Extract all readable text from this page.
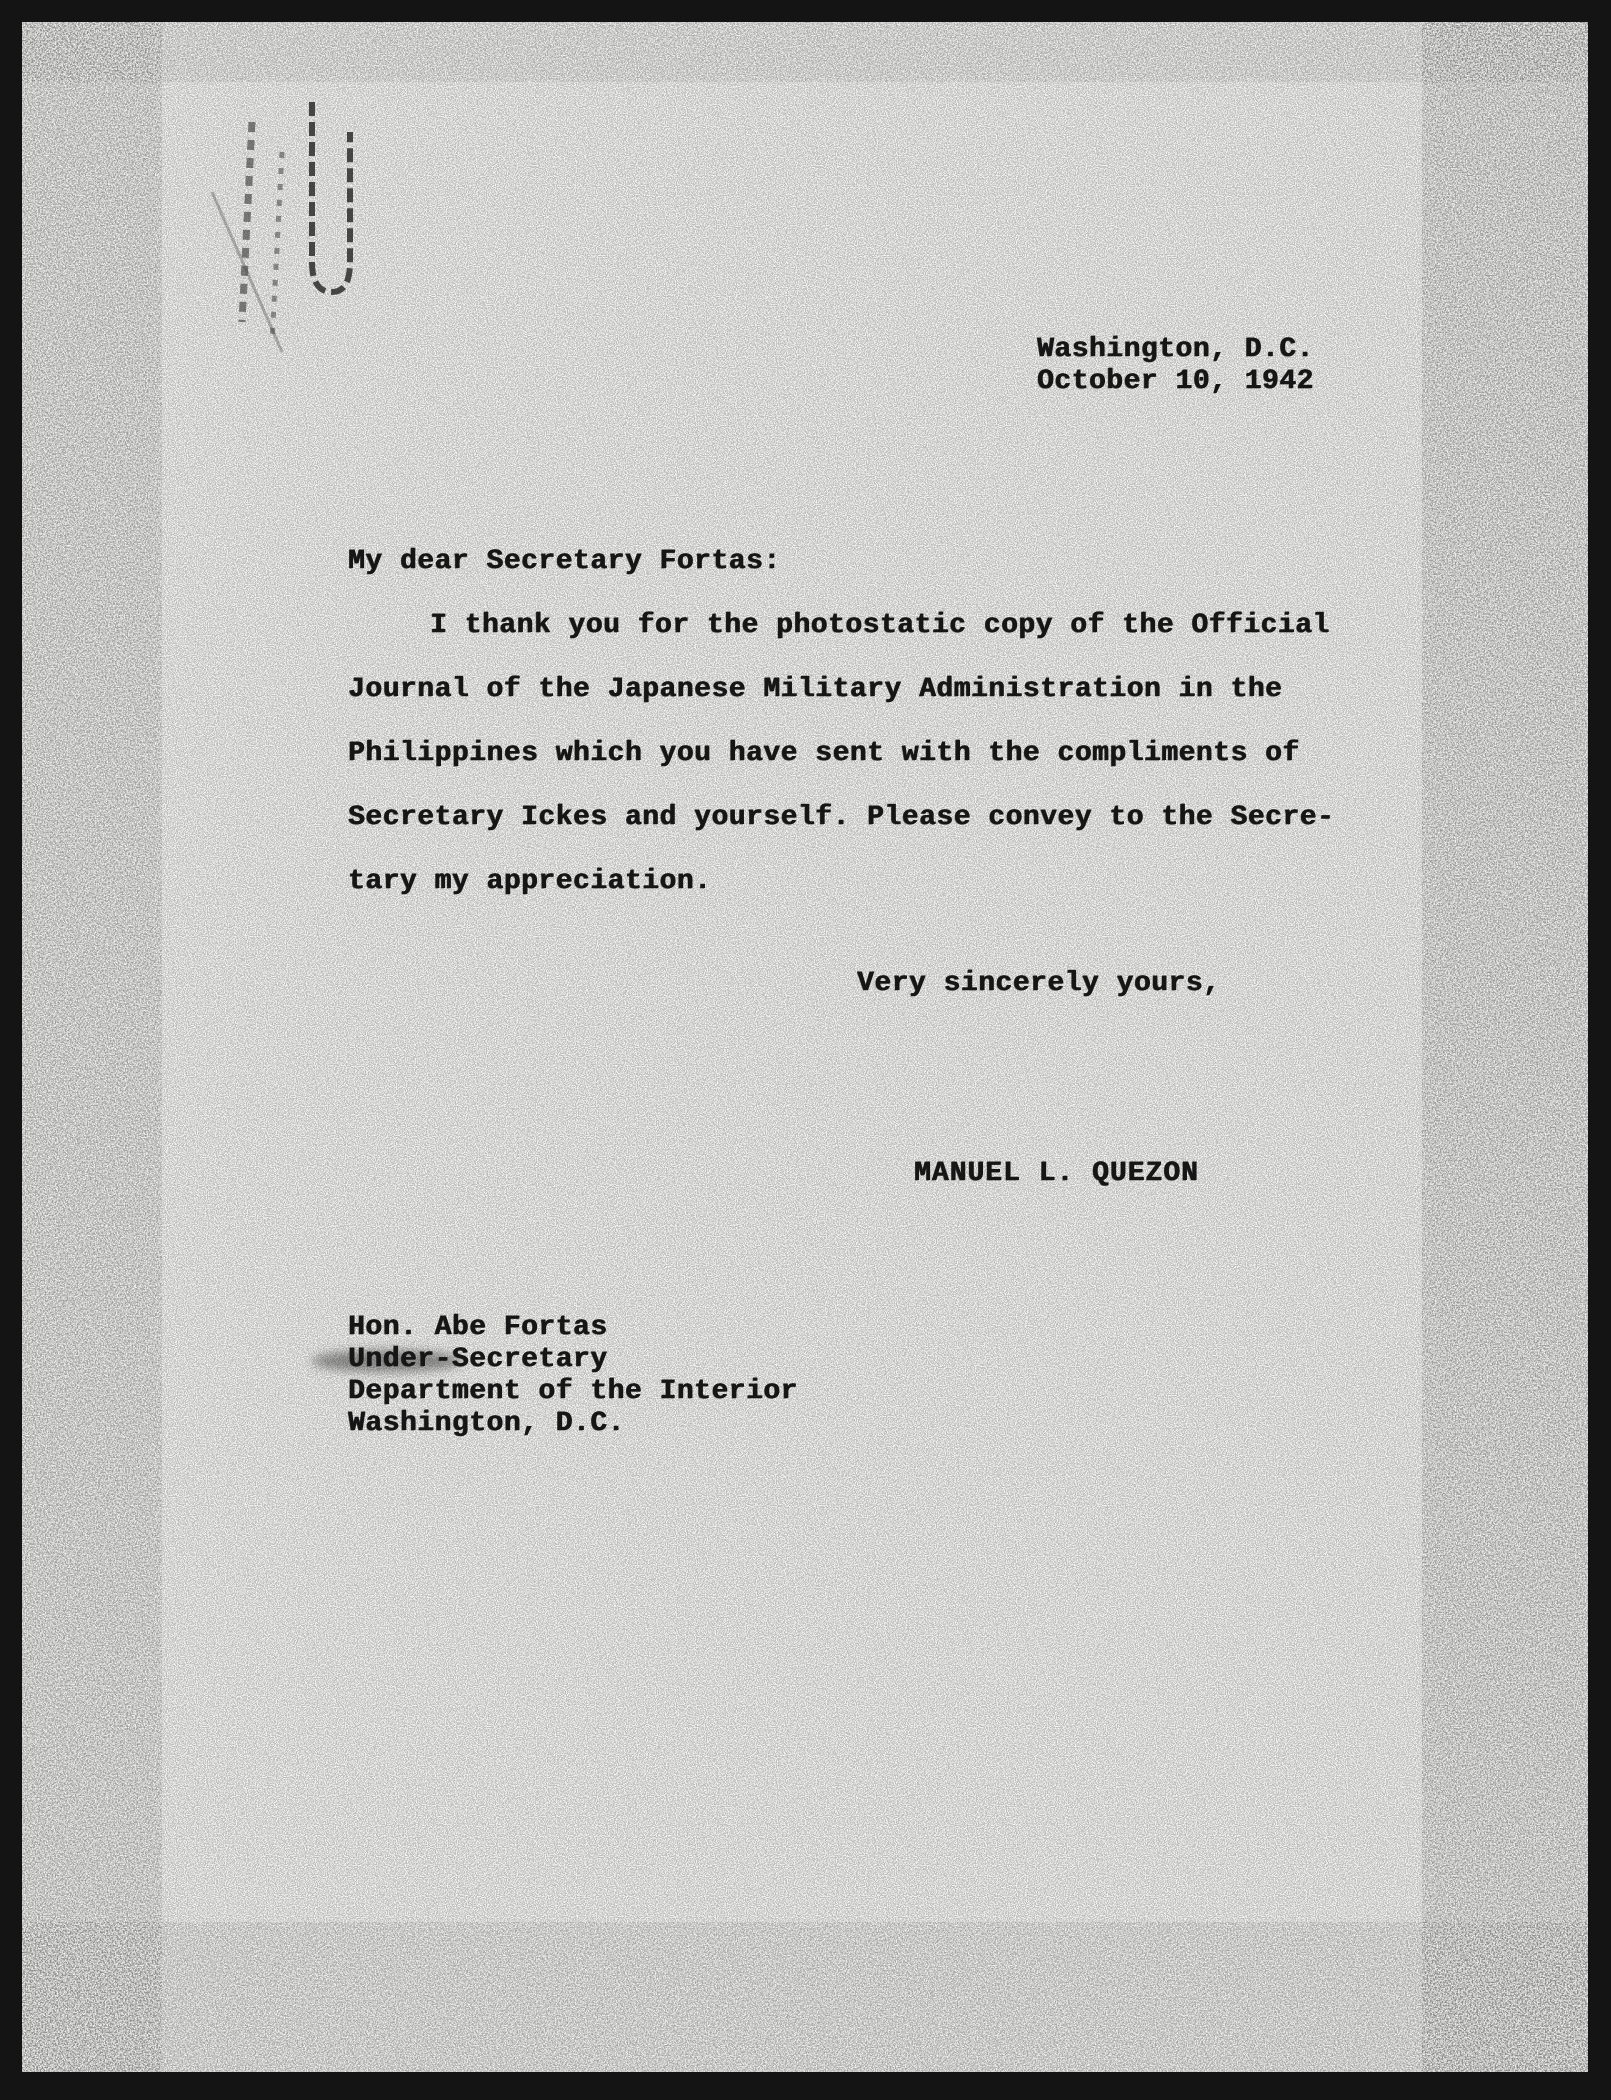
Washington, D.C.
October 10, 1942
My dear Secretary Fortas:
I thank you for the photostatic copy of the Official
Journal of the Japanese Military Administration in the
Philippines which you have sent with the compliments of
Secretary Ickes and yourself. Please convey to the Secre-
tary my appreciation.
Very sincerely yours,
MANUEL L. QUEZON
Hon. Abe Fortas
Under-Secretary
Department of the Interior
Washington, D.C.
